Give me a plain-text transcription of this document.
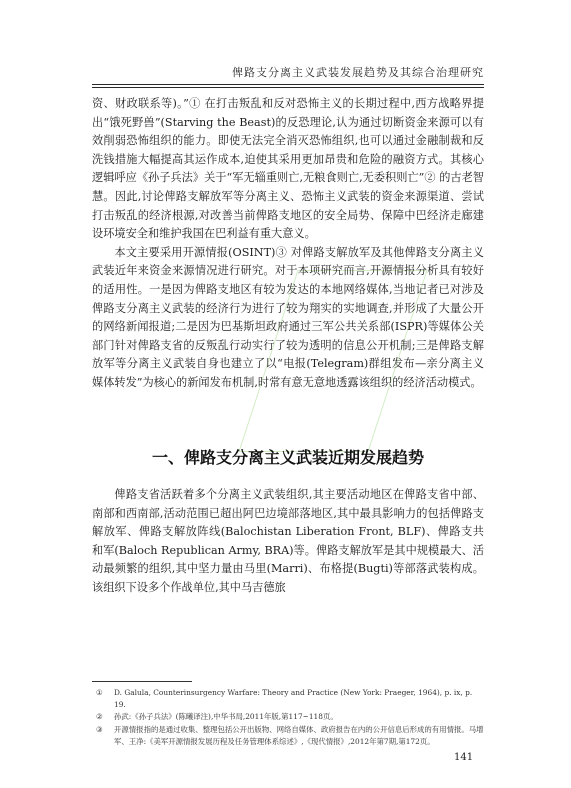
俾路支分离主义武装发展趋势及其综合治理研究

资、财政联系等)。”① 在打击叛乱和反对恐怖主义的长期过程中,西方战略界提出“饿死野兽”(Starving the Beast)的反恐理论,认为通过切断资金来源可以有效削弱恐怖组织的能力。即使无法完全消灭恐怖组织,也可以通过金融制裁和反洗钱措施大幅提高其运作成本,迫使其采用更加昂贵和危险的融资方式。其核心逻辑呼应《孙子兵法》关于“军无辎重则亡,无粮食则亡,无委积则亡”② 的古老智慧。因此,讨论俾路支解放军等分离主义、恐怖主义武装的资金来源渠道、尝试打击叛乱的经济根源,对改善当前俾路支地区的安全局势、保障中巴经济走廊建设环境安全和维护我国在巴利益有重大意义。

本文主要采用开源情报(OSINT)③ 对俾路支解放军及其他俾路支分离主义武装近年来资金来源情况进行研究。对于本项研究而言,开源情报分析具有较好的适用性。一是因为俾路支地区有较为发达的本地网络媒体,当地记者已对涉及俾路支分离主义武装的经济行为进行了较为翔实的实地调查,并形成了大量公开的网络新闻报道;二是因为巴基斯坦政府通过三军公共关系部(ISPR)等媒体公关部门针对俾路支省的反叛乱行动实行了较为透明的信息公开机制;三是俾路支解放军等分离主义武装自身也建立了以“电报(Telegram)群组发布—亲分离主义媒体转发”为核心的新闻发布机制,时常有意无意地透露该组织的经济活动模式。

一、俾路支分离主义武装近期发展趋势

俾路支省活跃着多个分离主义武装组织,其主要活动地区在俾路支省中部、南部和西南部,活动范围已超出阿巴边境部落地区,其中最具影响力的包括俾路支解放军、俾路支解放阵线(Balochistan Liberation Front, BLF)、俾路支共和军(Baloch Republican Army, BRA)等。俾路支解放军是其中规模最大、活动最频繁的组织,其中坚力量由马里(Marri)、布格提(Bugti)等部落武装构成。该组织下设多个作战单位,其中马吉德旅

① D. Galula, Counterinsurgency Warfare: Theory and Practice (New York: Praeger, 1964), p. ix, p. 19.
② 孙武:《孙子兵法》(陈曦译注),中华书局,2011年版,第117~118页。
③ 开源情报指的是通过收集、整理包括公开出版物、网络自媒体、政府报告在内的公开信息后形成的有用情报。马增军、王净:《美军开源情报发展历程及任务管理体系综述》,《现代情报》,2012年第7期,第172页。
141
